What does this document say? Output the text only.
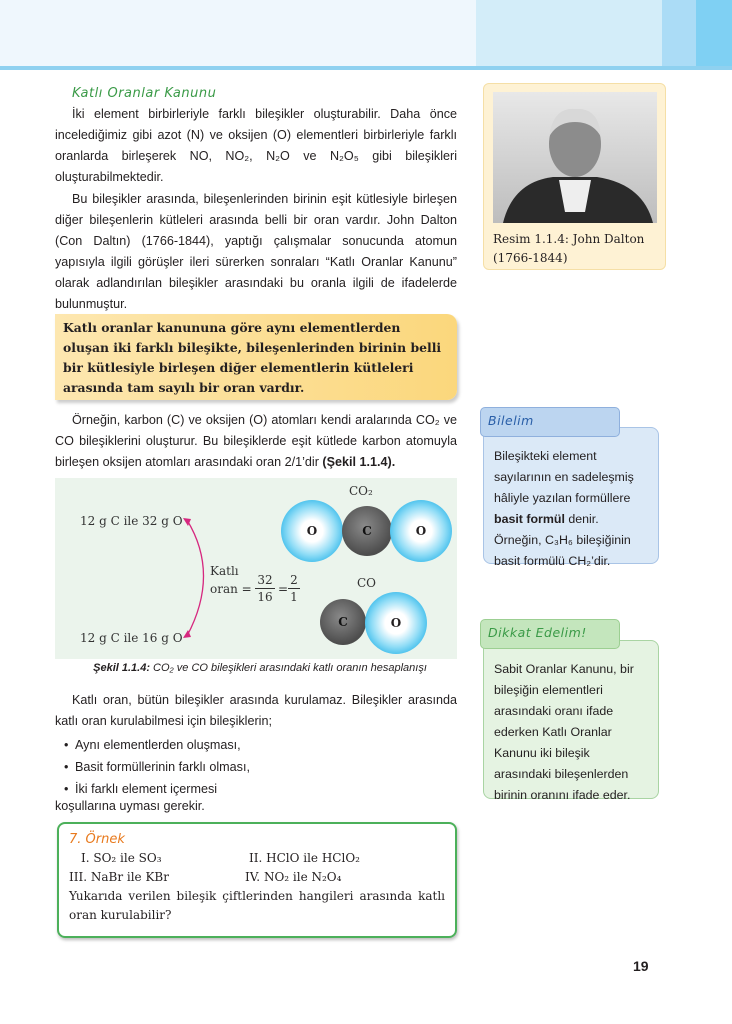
Katlı Oranlar Kanunu

İki element birbirleriyle farklı bileşikler oluşturabilir. Daha önce incelediğimiz gibi azot (N) ve oksijen (O) elementleri birbirleriyle farklı oranlarda birleşerek NO, NO₂, N₂O ve N₂O₅ gibi bileşikleri oluşturabilmektedir.

Bu bileşikler arasında, bileşenlerinden birinin eşit kütlesiyle birleşen diğer bileşenlerin kütleleri arasında belli bir oran vardır. John Dalton (Con Daltın) (1766-1844), yaptığı çalışmalar sonucunda atomun yapısıyla ilgili görüşler ileri sürerken sonraları “Katlı Oranlar Kanunu” olarak adlandırılan bileşikler arasındaki bu oranla ilgili de ifadelerde bulunmuştur.

Katlı oranlar kanununa göre aynı elementlerden oluşan iki farklı bileşikte, bileşenlerinden birinin belli bir kütlesiyle birleşen diğer elementlerin kütleleri arasında tam sayılı bir oran vardır.

Örneğin, karbon (C) ve oksijen (O) atomları kendi aralarında CO₂ ve CO bileşiklerini oluşturur. Bu bileşiklerde eşit kütlede karbon atomuyla birleşen oksijen atomları arasındaki oran 2/1’dir (Şekil 1.1.4).

12 g C ile 32 g O
12 g C ile 16 g O
Katlı
oran =
32
16
=
2
1
CO₂
O	C	O
CO
C	O
Şekil 1.1.4: CO₂ ve CO bileşikleri arasındaki katlı oranın hesaplanışı

Katlı oran, bütün bileşikler arasında kurulamaz. Bileşikler arasında katlı oran kurulabilmesi için bileşiklerin;

• Aynı elementlerden oluşması,
• Basit formüllerinin farklı olması,
• İki farklı element içermesi
koşullarına uyması gerekir.
7. Örnek
I. SO₂ ile SO₃	II. HClO ile HClO₂
III. NaBr ile KBr	IV. NO₂ ile N₂O₄
Yukarıda verilen bileşik çiftlerinden hangileri arasında katlı oran kurulabilir?
Resim 1.1.4: John Dalton (1766-1844)
Bileşikteki element sayılarının en sadeleşmiş hâliyle yazılan formüllere basit formül denir. Örneğin, C₃H₆ bileşiğinin basit formülü CH₂’dir.
Bilelim
Sabit Oranlar Kanunu, bir bileşiğin elementleri arasındaki oranı ifade ederken Katlı Oranlar Kanunu iki bileşik arasındaki bileşenlerden birinin oranını ifade eder.
Dikkat Edelim!
19
